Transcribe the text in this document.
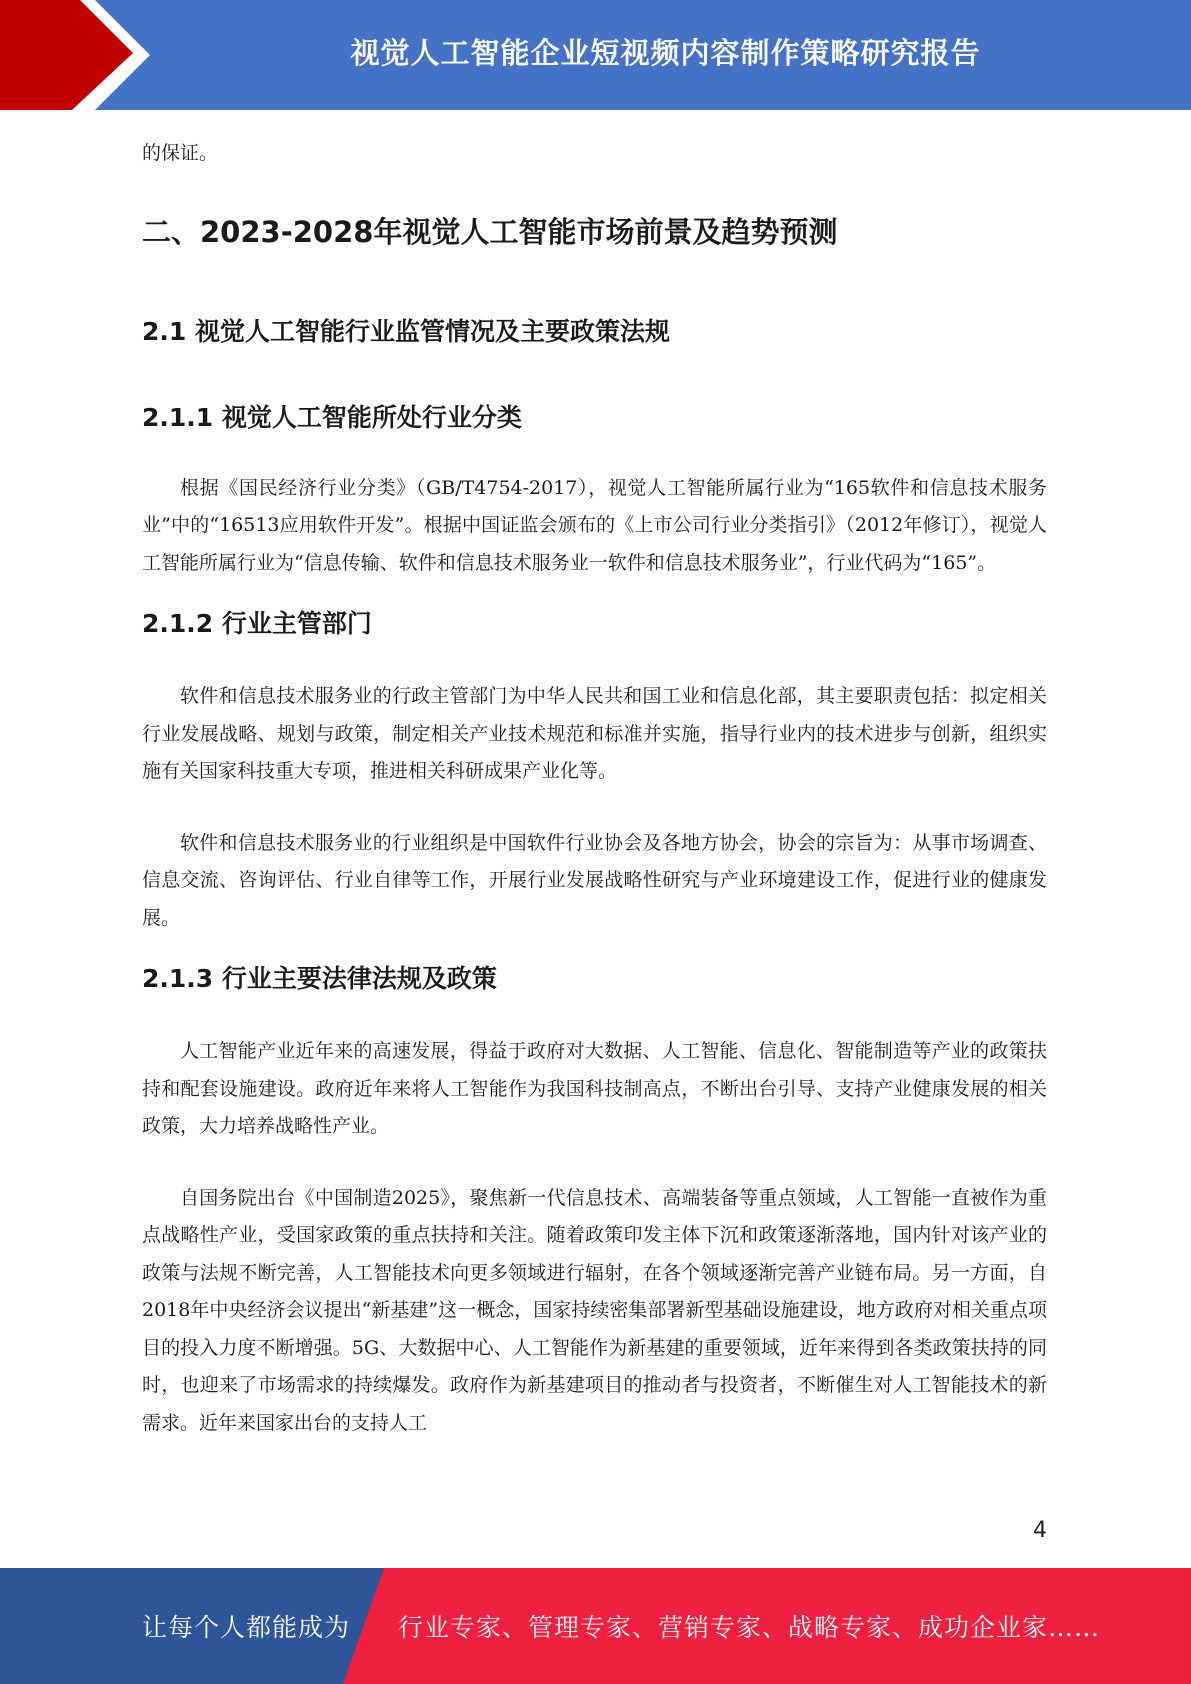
视觉人工智能企业短视频内容制作策略研究报告

的保证。

二、2023-2028年视觉人工智能市场前景及趋势预测
2.1 视觉人工智能行业监管情况及主要政策法规
2.1.1 视觉人工智能所处行业分类

根据《国民经济行业分类》（GB/T4754-2017），视觉人工智能所属行业为“165软件和信息技术服务业”中的“16513应用软件开发”。根据中国证监会颁布的《上市公司行业分类指引》（2012年修订），视觉人工智能所属行业为“信息传输、软件和信息技术服务业一软件和信息技术服务业”，行业代码为“165”。

2.1.2 行业主管部门

软件和信息技术服务业的行政主管部门为中华人民共和国工业和信息化部，其主要职责包括：拟定相关行业发展战略、规划与政策，制定相关产业技术规范和标准并实施，指导行业内的技术进步与创新，组织实施有关国家科技重大专项，推进相关科研成果产业化等。

软件和信息技术服务业的行业组织是中国软件行业协会及各地方协会，协会的宗旨为：从事市场调查、信息交流、咨询评估、行业自律等工作，开展行业发展战略性研究与产业环境建设工作，促进行业的健康发展。

2.1.3 行业主要法律法规及政策

人工智能产业近年来的高速发展，得益于政府对大数据、人工智能、信息化、智能制造等产业的政策扶持和配套设施建设。政府近年来将人工智能作为我国科技制高点，不断出台引导、支持产业健康发展的相关政策，大力培养战略性产业。

自国务院出台《中国制造2025》，聚焦新一代信息技术、高端装备等重点领域，人工智能一直被作为重点战略性产业，受国家政策的重点扶持和关注。随着政策印发主体下沉和政策逐渐落地，国内针对该产业的政策与法规不断完善，人工智能技术向更多领域进行辐射，在各个领域逐渐完善产业链布局。另一方面，自2018年中央经济会议提出“新基建”这一概念，国家持续密集部署新型基础设施建设，地方政府对相关重点项目的投入力度不断增强。5G、大数据中心、人工智能作为新基建的重要领域，近年来得到各类政策扶持的同时，也迎来了市场需求的持续爆发。政府作为新基建项目的推动者与投资者，不断催生对人工智能技术的新需求。近年来国家出台的支持人工

4
让每个人都能成为 行业专家、管理专家、营销专家、战略专家、成功企业家……
